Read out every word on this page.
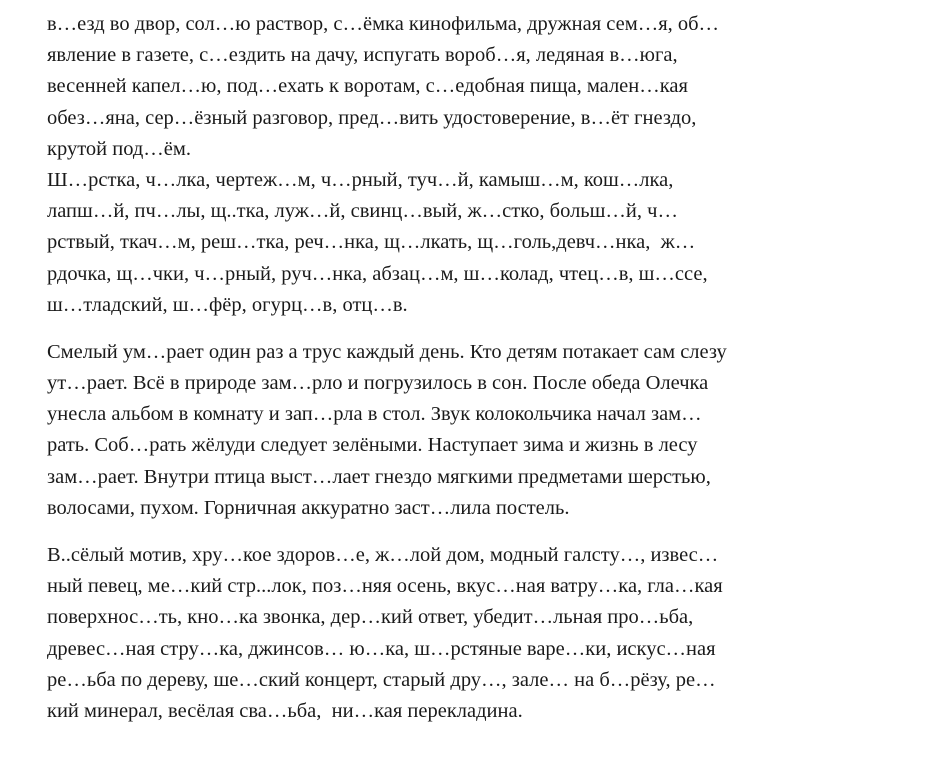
в…езд во двор, сол…ю раствор, с…ёмка кинофильма, дружная сем…я, об…
явление в газете, с…ездить на дачу, испугать вороб…я, ледяная в…юга,
весенней капел…ю, под…ехать к воротам, с…едобная пища, мален…кая
обез…яна, сер…ёзный разговор, пред…вить удостоверение, в…ёт гнездо,
крутой под…ём.
Ш…рстка, ч…лка, чертеж…м, ч…рный, туч…й, камыш…м, кош…лка,
лапш…й, пч…лы, щ..тка, луж…й, свинц…вый, ж…стко, больш…й, ч…
рствый, ткач…м, реш…тка, реч…нка, щ…лкать, щ…голь,девч…нка,  ж…
рдочка, щ…чки, ч…рный, руч…нка, абзац…м, ш…колад, чтец…в, ш…ссе,
ш…тладский, ш…фёр, огурц…в, отц…в.
Смелый ум…рает один раз а трус каждый день. Кто детям потакает сам слезу
ут…рает. Всё в природе зам…рло и погрузилось в сон. После обеда Олечка
унесла альбом в комнату и зап…рла в стол. Звук колокольчика начал зам…
рать. Соб…рать жёлуди следует зелёными. Наступает зима и жизнь в лесу
зам…рает. Внутри птица выст…лает гнездо мягкими предметами шерстью,
волосами, пухом. Горничная аккуратно заст…лила постель.
В..сёлый мотив, хру…кое здоров…е, ж…лой дом, модный галсту…, извес…
ный певец, ме…кий стр...лок, поз…няя осень, вкус…ная ватру…ка, гла…кая
поверхнос…ть, кно…ка звонка, дер…кий ответ, убедит…льная про…ьба,
древес…ная стру…ка, джинсов… ю…ка, ш…рстяные варе…ки, искус…ная
ре…ьба по дереву, ше…ский концерт, старый дру…, зале… на б…рёзу, ре…
кий минерал, весёлая сва…ьба,  ни…кая перекладина.
